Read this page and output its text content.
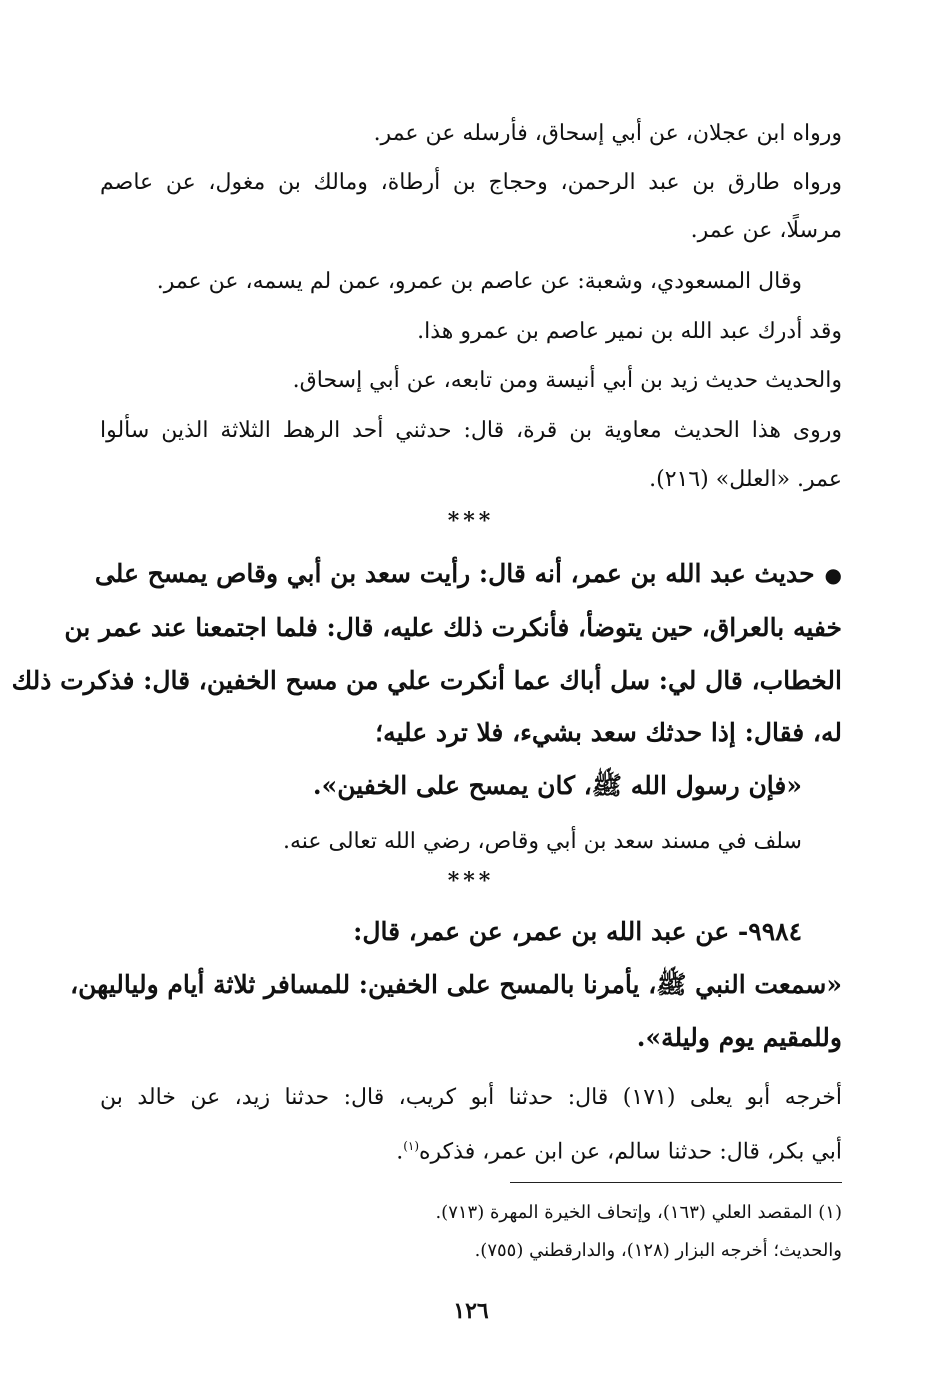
ورواه ابن عجلان، عن أبي إسحاق، فأرسله عن عمر.
ورواه طارق بن عبد الرحمن، وحجاج بن أرطاة، ومالك بن مغول، عن عاصم
مرسلًا، عن عمر.
وقال المسعودي، وشعبة: عن عاصم بن عمرو، عمن لم يسمه، عن عمر.
وقد أدرك عبد الله بن نمير عاصم بن عمرو هذا.
والحديث حديث زيد بن أبي أنيسة ومن تابعه، عن أبي إسحاق.
وروى هذا الحديث معاوية بن قرة، قال: حدثني أحد الرهط الثلاثة الذين سألوا
عمر. «العلل» (٢١٦).
***
●حديث عبد الله بن عمر، أنه قال: رأيت سعد بن أبي وقاص يمسح على
خفيه بالعراق، حين يتوضأ، فأنكرت ذلك عليه، قال: فلما اجتمعنا عند عمر بن
الخطاب، قال لي: سل أباك عما أنكرت علي من مسح الخفين، قال: فذكرت ذلك
له، فقال: إذا حدثك سعد بشيء، فلا ترد عليه؛
«فإن رسول الله ﷺ، كان يمسح على الخفين».
سلف في مسند سعد بن أبي وقاص، رضي الله تعالى عنه.
***
٩٩٨٤- عن عبد الله بن عمر، عن عمر، قال:
«سمعت النبي ﷺ، يأمرنا بالمسح على الخفين: للمسافر ثلاثة أيام ولياليهن،
وللمقيم يوم وليلة».
أخرجه أبو يعلى (١٧١) قال: حدثنا أبو كريب، قال: حدثنا زيد، عن خالد بن
أبي بكر، قال: حدثنا سالم، عن ابن عمر، فذكره$^{(١)}$.
(١) المقصد العلي (١٦٣)، وإتحاف الخيرة المهرة (٧١٣).
والحديث؛ أخرجه البزار (١٢٨)، والدارقطني (٧٥٥).
١٢٦
